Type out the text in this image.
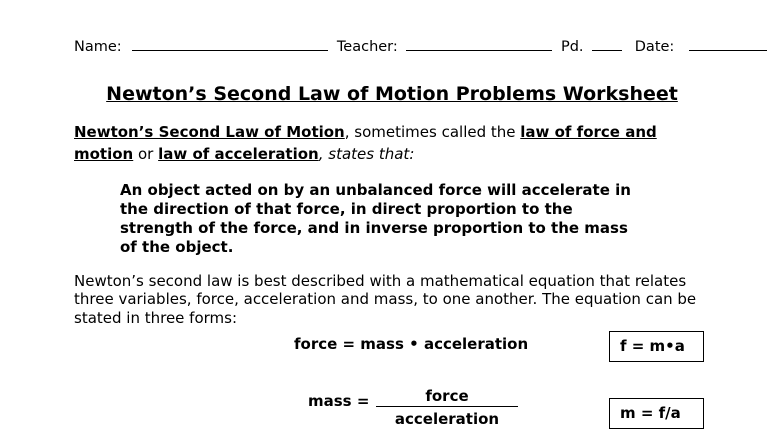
Name:	Teacher:	Pd.	Date:
Newton’s Second Law of Motion Problems Worksheet
Newton’s Second Law of Motion, sometimes called the law of force and
motion or law of acceleration, states that:
An object acted on by an unbalanced force will accelerate in
the direction of that force, in direct proportion to the
strength of the force, and in inverse proportion to the mass
of the object.
Newton’s second law is best described with a mathematical equation that relates
three variables, force, acceleration and mass, to one another. The equation can be
stated in three forms:
force = mass • acceleration	f = m•a
mass =	force
acceleration	m = f/a
